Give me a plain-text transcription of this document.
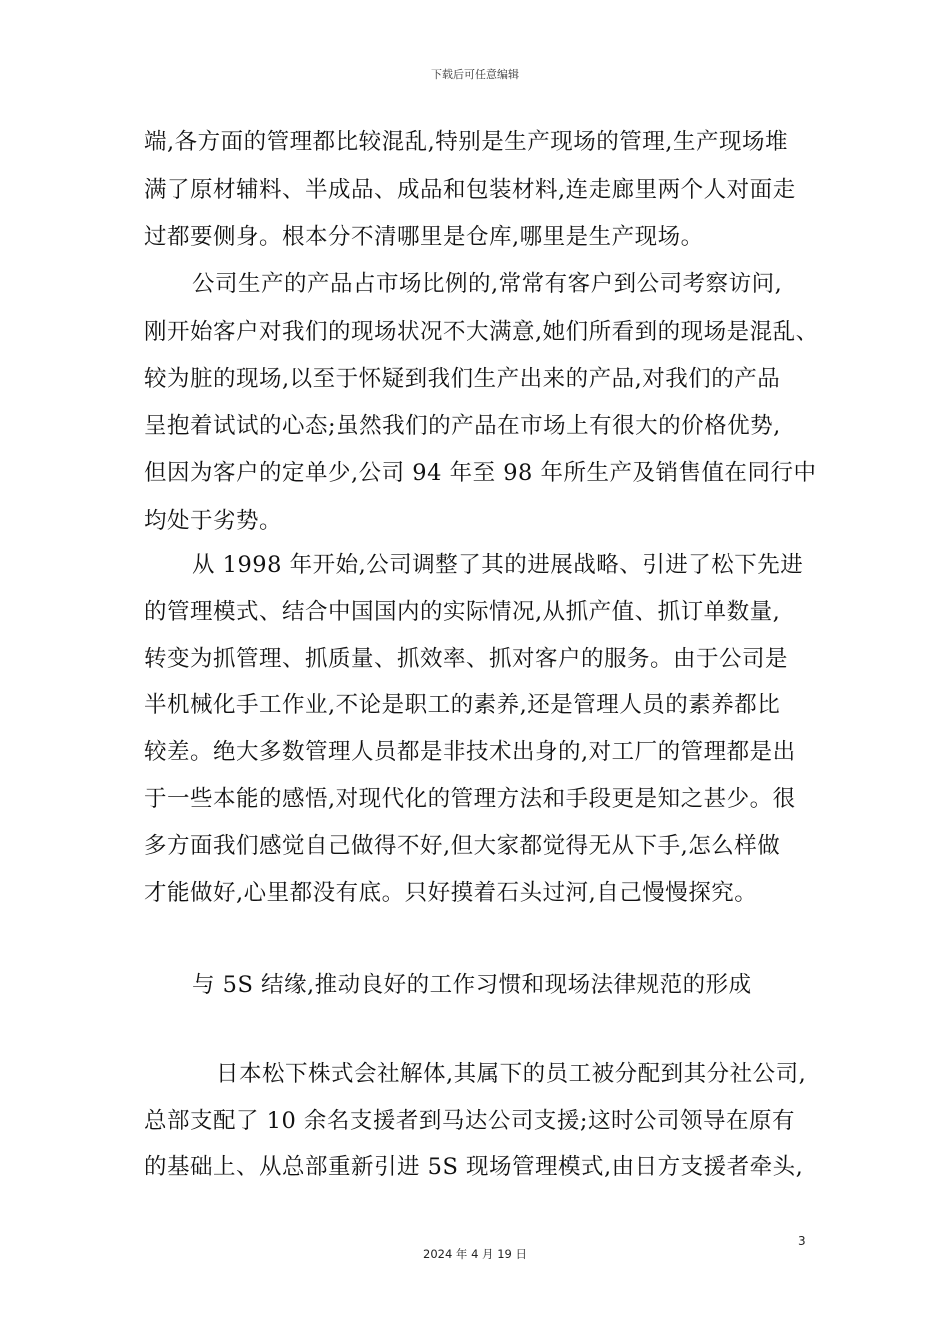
下载后可任意编辑
端,各方面的管理都比较混乱,特别是生产现场的管理,生产现场堆
满了原材辅料、半成品、成品和包装材料,连走廊里两个人对面走
过都要侧身。根本分不清哪里是仓库,哪里是生产现场。
公司生产的产品占市场比例的,常常有客户到公司考察访问,
刚开始客户对我们的现场状况不大满意,她们所看到的现场是混乱、
较为脏的现场,以至于怀疑到我们生产出来的产品,对我们的产品
呈抱着试试的心态;虽然我们的产品在市场上有很大的价格优势,
但因为客户的定单少,公司 94 年至 98 年所生产及销售值在同行中
均处于劣势。
从 1998 年开始,公司调整了其的进展战略、引进了松下先进
的管理模式、结合中国国内的实际情况,从抓产值、抓订单数量,
转变为抓管理、抓质量、抓效率、抓对客户的服务。由于公司是
半机械化手工作业,不论是职工的素养,还是管理人员的素养都比
较差。绝大多数管理人员都是非技术出身的,对工厂的管理都是出
于一些本能的感悟,对现代化的管理方法和手段更是知之甚少。很
多方面我们感觉自己做得不好,但大家都觉得无从下手,怎么样做
才能做好,心里都没有底。只好摸着石头过河,自己慢慢探究。
与 5S 结缘,推动良好的工作习惯和现场法律规范的形成
日本松下株式会社解体,其属下的员工被分配到其分社公司,
总部支配了 10 余名支援者到马达公司支援;这时公司领导在原有
的基础上、从总部重新引进 5S 现场管理模式,由日方支援者牵头,
3
2024 年 4 月 19 日
